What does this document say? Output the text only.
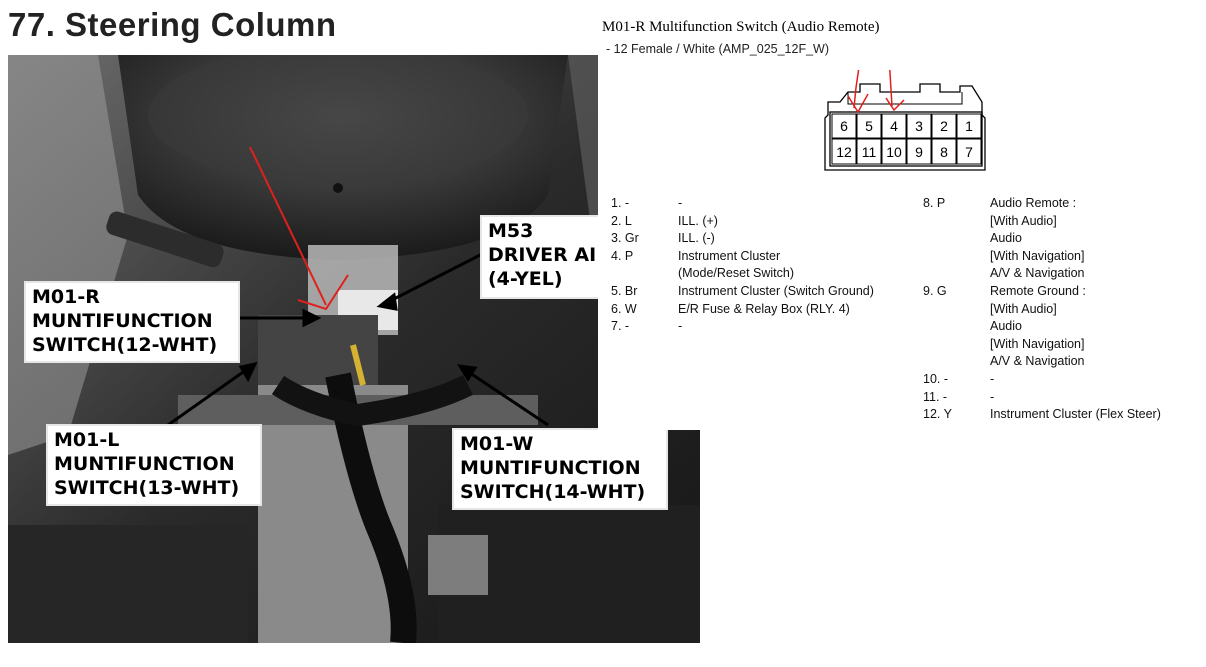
77. Steering Column
M53
DRIVER AI
(4-YEL)
M01-R
MUNTIFUNCTION
SWITCH(12-WHT)
M01-L
MUNTIFUNCTION
SWITCH(13-WHT)
M01-W
MUNTIFUNCTION
SWITCH(14-WHT)
M01-R Multifunction Switch (Audio Remote)
- 12 Female / White (AMP_025_12F_W)
6 5 4 3 2 1
12 11 10 9 8 7
1. -	-
2. L	ILL. (+)
3. Gr	ILL. (-)
4. P	Instrument Cluster
(Mode/Reset Switch)
5. Br	Instrument Cluster (Switch Ground)
6. W	E/R Fuse & Relay Box (RLY. 4)
7. -	-
8. P	Audio Remote :
[With Audio]
Audio
[With Navigation]
A/V & Navigation
9. G	Remote Ground :
[With Audio]
Audio
[With Navigation]
A/V & Navigation
10. -	-
11. -	-
12. Y	Instrument Cluster (Flex Steer)
